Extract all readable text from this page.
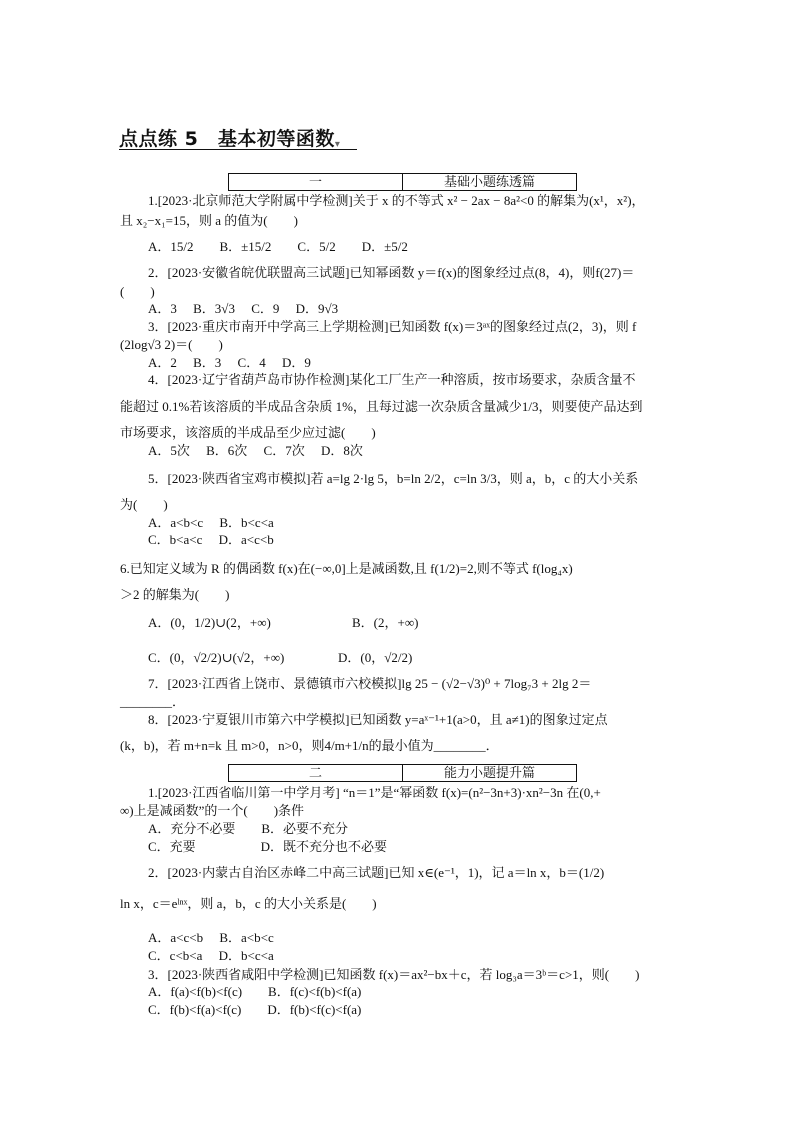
点点练 5　基本初等函数▾
一	基础小题练透篇
1.[2023·北京师范大学附属中学检测]关于 x 的不等式 x² − 2ax − 8a²<0 的解集为(x¹，x²)，
且 x₂−x₁=15，则 a 的值为(　　)
A．15/2　　B．±15/2　　C．5/2　　D．±5/2
2．[2023·安徽省皖优联盟高三试题]已知幂函数 y＝f(x)的图象经过点(8，4)，则f(27)＝
(　　)
A．3　 B．3√3　 C．9　 D．9√3
3．[2023·重庆市南开中学高三上学期检测]已知函数 f(x)＝3ᵃˣ的图象经过点(2，3)，则 f
(2log√3 2)＝(　　)
A．2　 B．3　 C．4　 D．9
4．[2023·辽宁省葫芦岛市协作检测]某化工厂生产一种溶质，按市场要求，杂质含量不
能超过 0.1%若该溶质的半成品含杂质 1%，且每过滤一次杂质含量减少1/3，则要使产品达到
市场要求，该溶质的半成品至少应过滤(　　)
A．5次　 B．6次　 C．7次　 D．8次
5．[2023·陕西省宝鸡市模拟]若 a=lg 2·lg 5，b=ln 2/2，c=ln 3/3，则 a，b，c 的大小关系
为(　　)
A．a<b<c　 B．b<c<a
C．b<a<c　 D．a<c<b
6.已知定义域为 R 的偶函数 f(x)在(−∞,0]上是减函数,且 f(1/2)=2,则不等式 f(log₄x)
＞2 的解集为(　　)
A．(0，1/2)∪(2，+∞)	B．(2，+∞)
C．(0，√2/2)∪(√2，+∞)	D．(0，√2/2)
7．[2023·江西省上饶市、景德镇市六校模拟]lg 25 − (√2−√3)⁰ + 7log₇3 + 2lg 2＝
________．
8．[2023·宁夏银川市第六中学模拟]已知函数 y=aˣ⁻¹+1(a>0，且 a≠1)的图象过定点
(k，b)，若 m+n=k 且 m>0，n>0，则4/m+1/n的最小值为________．
二	能力小题提升篇
1.[2023·江西省临川第一中学月考] “n＝1”是“幂函数 f(x)=(n²−3n+3)·xn²−3n 在(0,+
∞)上是减函数”的一个(　　)条件
A．充分不必要　　B．必要不充分
C．充要　　　　　D．既不充分也不必要
2．[2023·内蒙古自治区赤峰二中高三试题]已知 x∈(e⁻¹，1)，记 a＝ln x，b＝(1/2)
ln x，c＝eˡⁿˣ，则 a，b，c 的大小关系是(　　)
A．a<c<b　 B．a<b<c
C．c<b<a　 D．b<c<a
3．[2023·陕西省咸阳中学检测]已知函数 f(x)＝ax²−bx＋c，若 log₃a＝3ᵇ＝c>1，则(　　)
A．f(a)<f(b)<f(c)　　B．f(c)<f(b)<f(a)
C．f(b)<f(a)<f(c)　　D．f(b)<f(c)<f(a)
